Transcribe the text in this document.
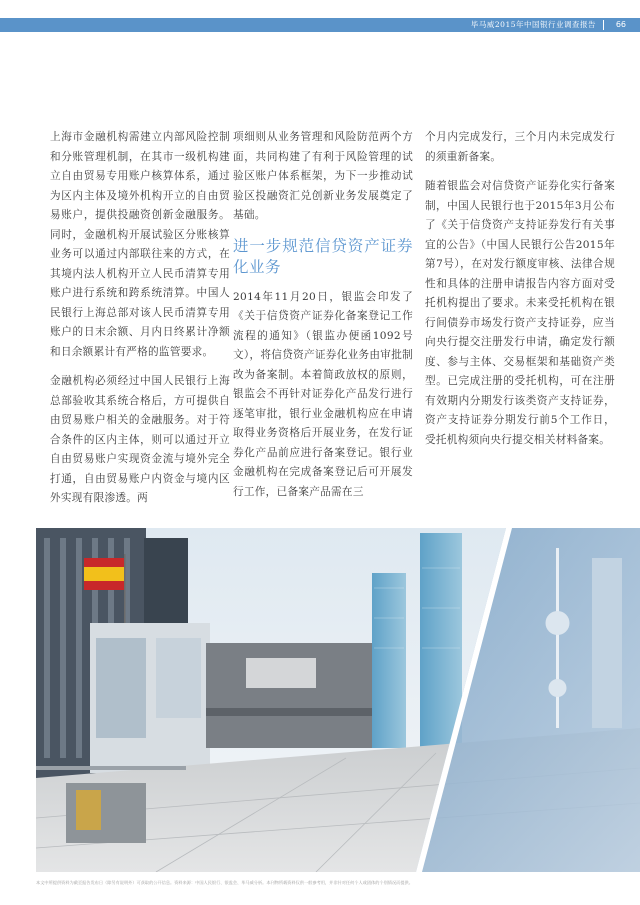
毕马威2015年中国银行业调查报告 66

上海市金融机构需建立内部风险控制和分账管理机制，在其市一级机构建立自由贸易专用账户核算体系，通过为区内主体及境外机构开立的自由贸易账户，提供投融资创新金融服务。同时，金融机构开展试验区分账核算业务可以通过内部联往来的方式，在其境内法人机构开立人民币清算专用账户进行系统和跨系统清算。中国人民银行上海总部对该人民币清算专用账户的日末余额、月内日终累计净额和日余额累计有严格的监管要求。

金融机构必须经过中国人民银行上海总部验收其系统合格后，方可提供自由贸易账户相关的金融服务。对于符合条件的区内主体，则可以通过开立自由贸易账户实现资金流与境外完全打通，自由贸易账户内资金与境内区外实现有限渗透。两

项细则从业务管理和风险防范两个方面，共同构建了有利于风险管理的试验区账户体系框架，为下一步推动试验区投融资汇兑创新业务发展奠定了基础。

进一步规范信贷资产证券化业务

2014年11月20日，银监会印发了《关于信贷资产证券化备案登记工作流程的通知》（银监办便函1092号文），将信贷资产证券化业务由审批制改为备案制。本着简政放权的原则，银监会不再针对证券化产品发行进行逐笔审批，银行业金融机构应在申请取得业务资格后开展业务，在发行证券化产品前应进行备案登记。银行业金融机构在完成备案登记后可开展发行工作，已备案产品需在三

个月内完成发行，三个月内未完成发行的须重新备案。

随着银监会对信贷资产证券化实行备案制，中国人民银行也于2015年3月公布了《关于信贷资产支持证券发行有关事宜的公告》（中国人民银行公告2015年第7号），在对发行额度审核、法律合规性和具体的注册申请报告内容方面对受托机构提出了要求。未来受托机构在银行间债券市场发行资产支持证券，应当向央行提交注册发行申请，确定发行额度、参与主体、交易框架和基础资产类型。已完成注册的受托机构，可在注册有效期内分期发行该类资产支持证券，资产支持证券分期发行前5个工作日，受托机构须向央行提交相关材料备案。

本文中所提供资料为截至报告发布日（除另有说明外）可获取的公开信息。资料来源：中国人民银行、银监会、毕马威分析。本刊物所载资料仅供一般参考用，并非针对任何个人或团体的个别情况而提供。
